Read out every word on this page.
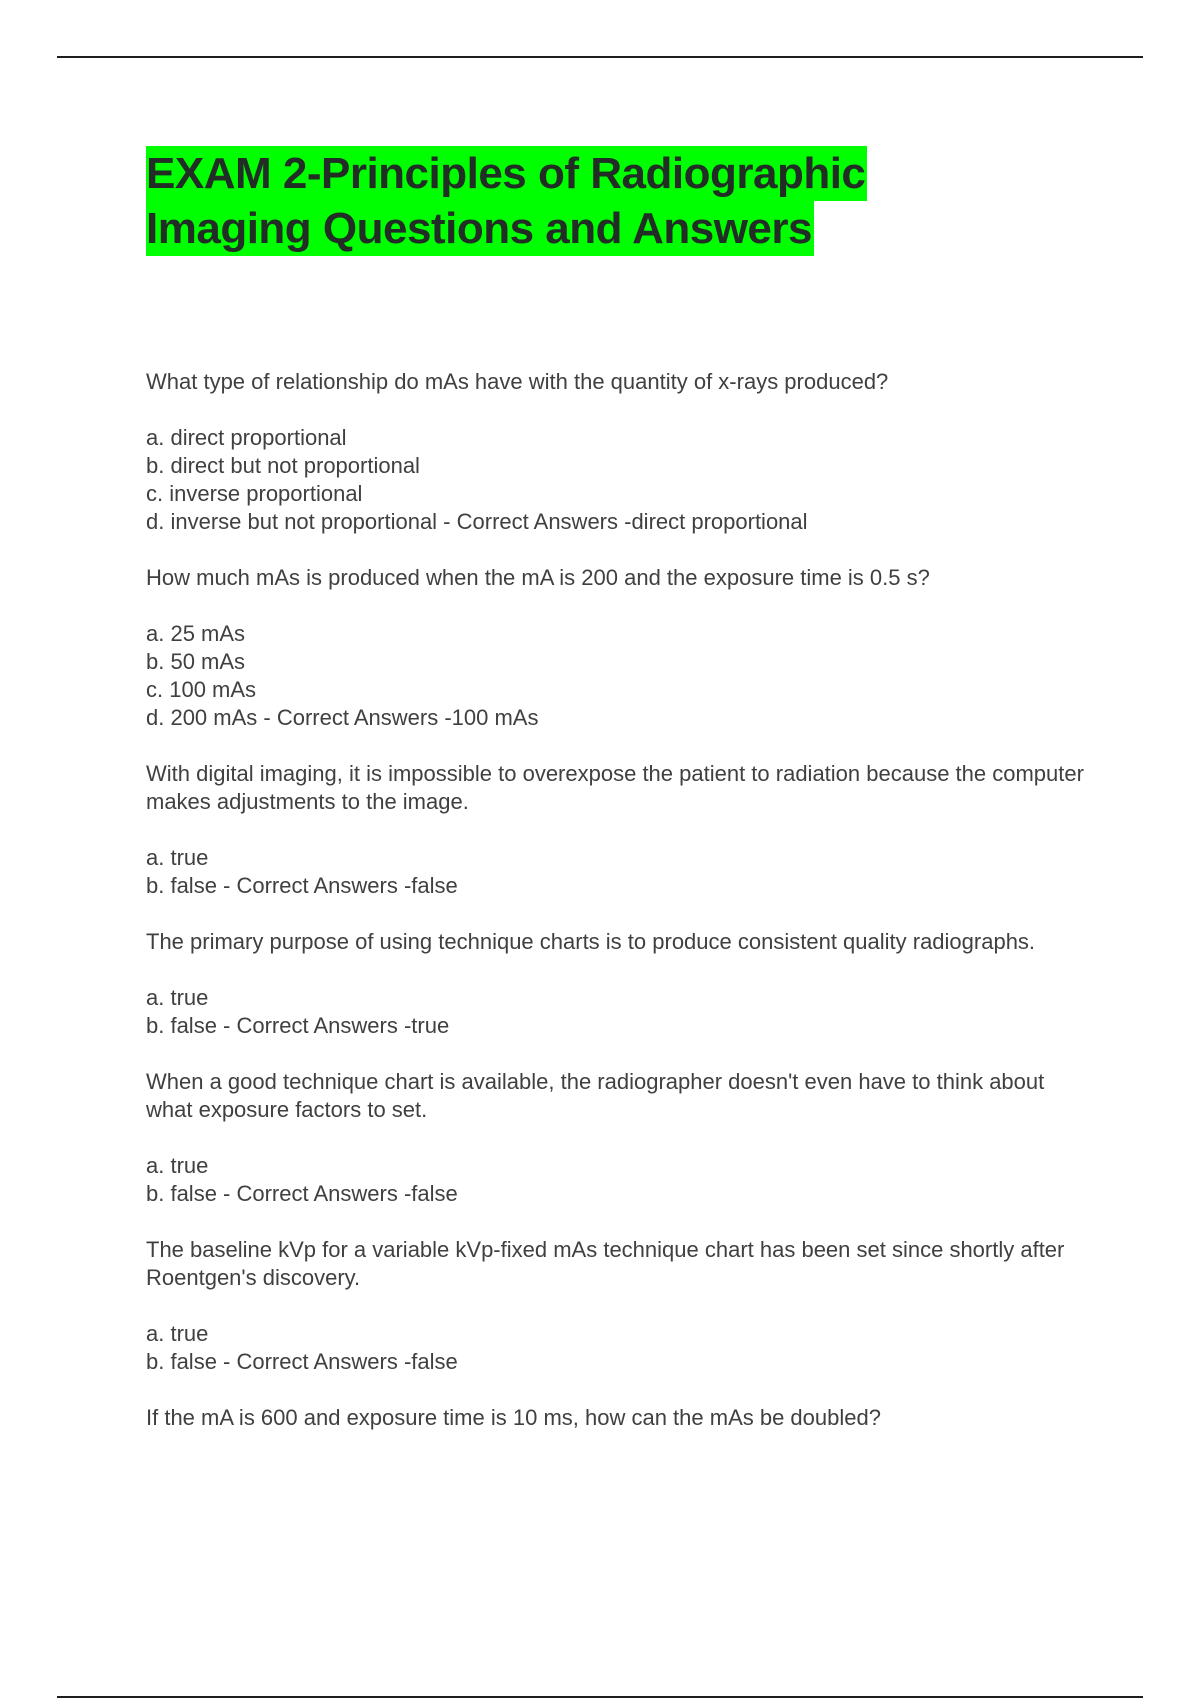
EXAM 2-Principles of Radiographic
Imaging Questions and Answers

What type of relationship do mAs have with the quantity of x-rays produced?

a. direct proportional
b. direct but not proportional
c. inverse proportional
d. inverse but not proportional - Correct Answers -direct proportional

How much mAs is produced when the mA is 200 and the exposure time is 0.5 s?

a. 25 mAs
b. 50 mAs
c. 100 mAs
d. 200 mAs - Correct Answers -100 mAs

With digital imaging, it is impossible to overexpose the patient to radiation because the computer makes adjustments to the image.

a. true
b. false - Correct Answers -false

The primary purpose of using technique charts is to produce consistent quality radiographs.

a. true
b. false - Correct Answers -true

When a good technique chart is available, the radiographer doesn't even have to think about what exposure factors to set.

a. true
b. false - Correct Answers -false

The baseline kVp for a variable kVp-fixed mAs technique chart has been set since shortly after Roentgen's discovery.

a. true
b. false - Correct Answers -false

If the mA is 600 and exposure time is 10 ms, how can the mAs be doubled?
